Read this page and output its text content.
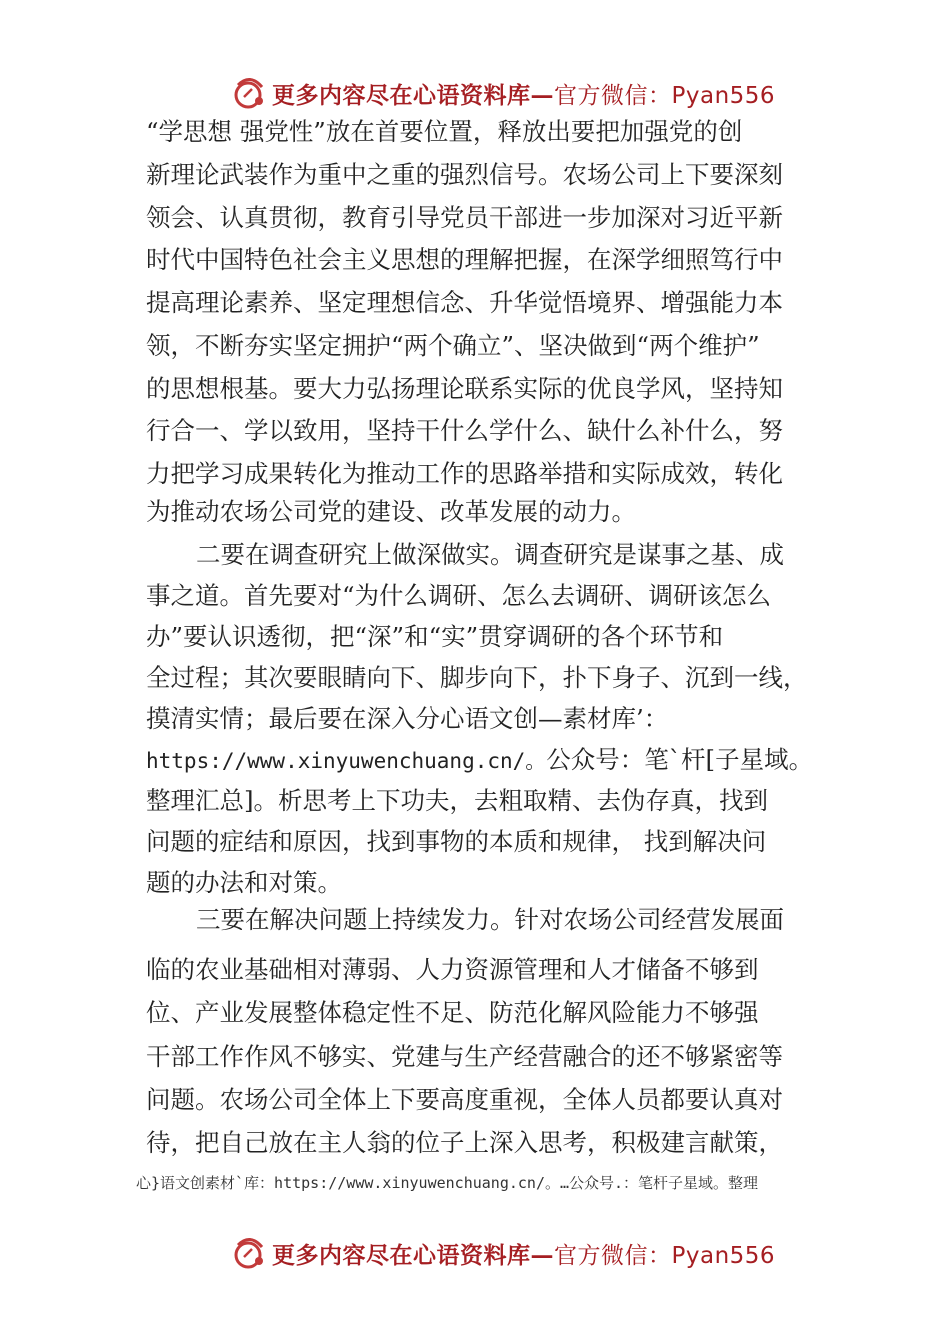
更多内容尽在心语资料库—官方微信：Pyan556
“学思想 强党性”放在首要位置，释放出要把加强党的创
新理论武装作为重中之重的强烈信号。农场公司上下要深刻
领会、认真贯彻，教育引导党员干部进一步加深对习近平新
时代中国特色社会主义思想的理解把握，在深学细照笃行中
提高理论素养、坚定理想信念、升华觉悟境界、增强能力本
领，不断夯实坚定拥护“两个确立”、坚决做到“两个维护”
的思想根基。要大力弘扬理论联系实际的优良学风，坚持知
行合一、学以致用，坚持干什么学什么、缺什么补什么，努
力把学习成果转化为推动工作的思路举措和实际成效，转化
为推动农场公司党的建设、改革发展的动力。
二要在调查研究上做深做实。调查研究是谋事之基、成
事之道。首先要对“为什么调研、怎么去调研、调研该怎么
办”要认识透彻，把“深”和“实”贯穿调研的各个环节和
全过程；其次要眼睛向下、脚步向下，扑下身子、沉到一线，
摸清实情；最后要在深入分心语文创—素材库’：
https://www.xinyuwenchuang.cn/。公众号：笔`杆[子星域。
整理汇总]。析思考上下功夫，去粗取精、去伪存真，找到
问题的症结和原因，找到事物的本质和规律， 找到解决问
题的办法和对策。
三要在解决问题上持续发力。针对农场公司经营发展面
临的农业基础相对薄弱、人力资源管理和人才储备不够到
位、产业发展整体稳定性不足、防范化解风险能力不够强
干部工作作风不够实、党建与生产经营融合的还不够紧密等
问题。农场公司全体上下要高度重视，全体人员都要认真对
待，把自己放在主人翁的位子上深入思考，积极建言献策，
心}语文创素材`库：https://www.xinyuwenchuang.cn/。…公众号.：笔杆子星域。整理
更多内容尽在心语资料库—官方微信：Pyan556
